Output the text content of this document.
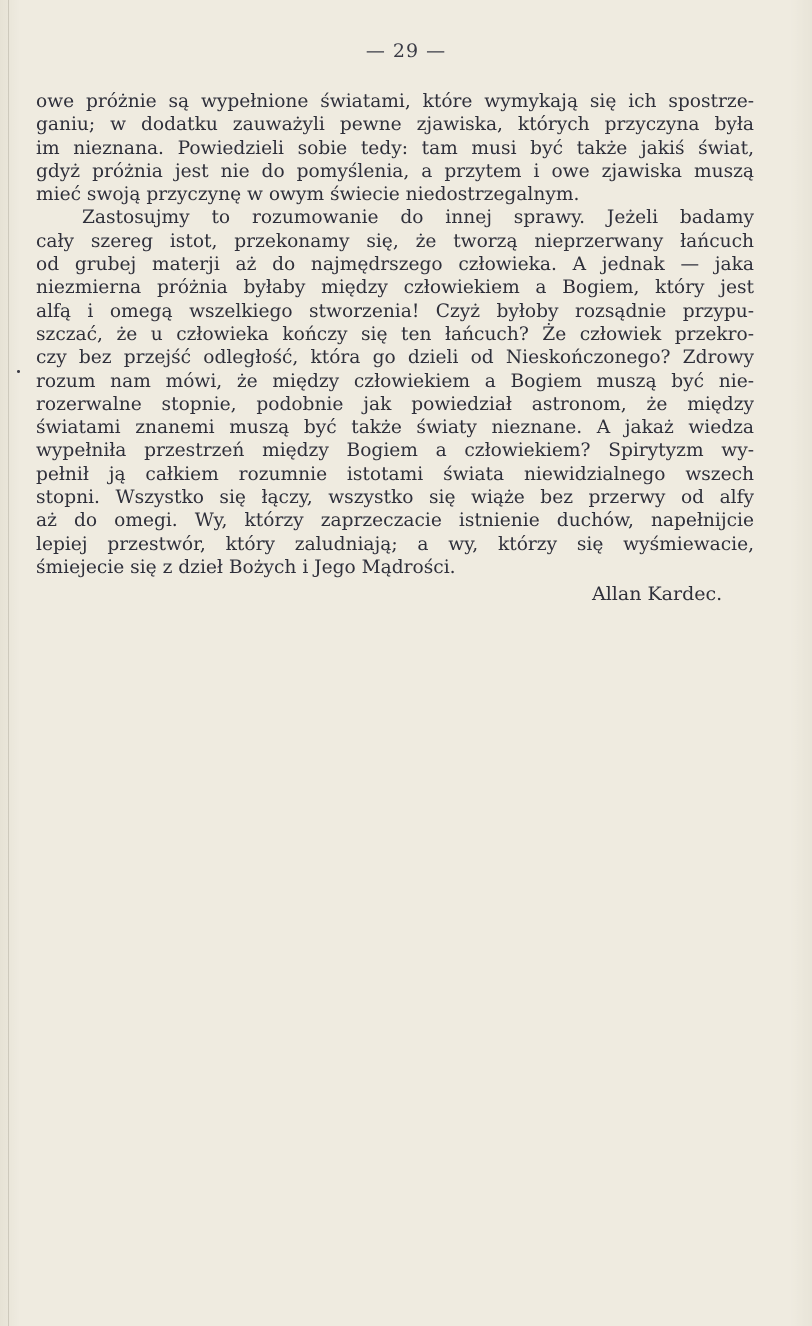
— 29 —
owe próżnie są wypełnione światami, które wymykają się ich spostrze-
ganiu; w dodatku zauważyli pewne zjawiska, których przyczyna była
im nieznana. Powiedzieli sobie tedy: tam musi być także jakiś świat,
gdyż próżnia jest nie do pomyślenia, a przytem i owe zjawiska muszą
mieć swoją przyczynę w owym świecie niedostrzegalnym.
Zastosujmy to rozumowanie do innej sprawy. Jeżeli badamy
cały szereg istot, przekonamy się, że tworzą nieprzerwany łańcuch
od grubej materji aż do najmędrszego człowieka. A jednak — jaka
niezmierna próżnia byłaby między człowiekiem a Bogiem, który jest
alfą i omegą wszelkiego stworzenia! Czyż byłoby rozsądnie przypu-
szczać, że u człowieka kończy się ten łańcuch? Że człowiek przekro-
czy bez przejść odległość, która go dzieli od Nieskończonego? Zdrowy
rozum nam mówi, że między człowiekiem a Bogiem muszą być nie-
rozerwalne stopnie, podobnie jak powiedział astronom, że między
światami znanemi muszą być także światy nieznane. A jakaż wiedza
wypełniła przestrzeń między Bogiem a człowiekiem? Spirytyzm wy-
pełnił ją całkiem rozumnie istotami świata niewidzialnego wszech
stopni. Wszystko się łączy, wszystko się wiąże bez przerwy od alfy
aż do omegi. Wy, którzy zaprzeczacie istnienie duchów, napełnijcie
lepiej przestwór, który zaludniają; a wy, którzy się wyśmiewacie,
śmiejecie się z dzieł Bożych i Jego Mądrości.
Allan Kardec.
